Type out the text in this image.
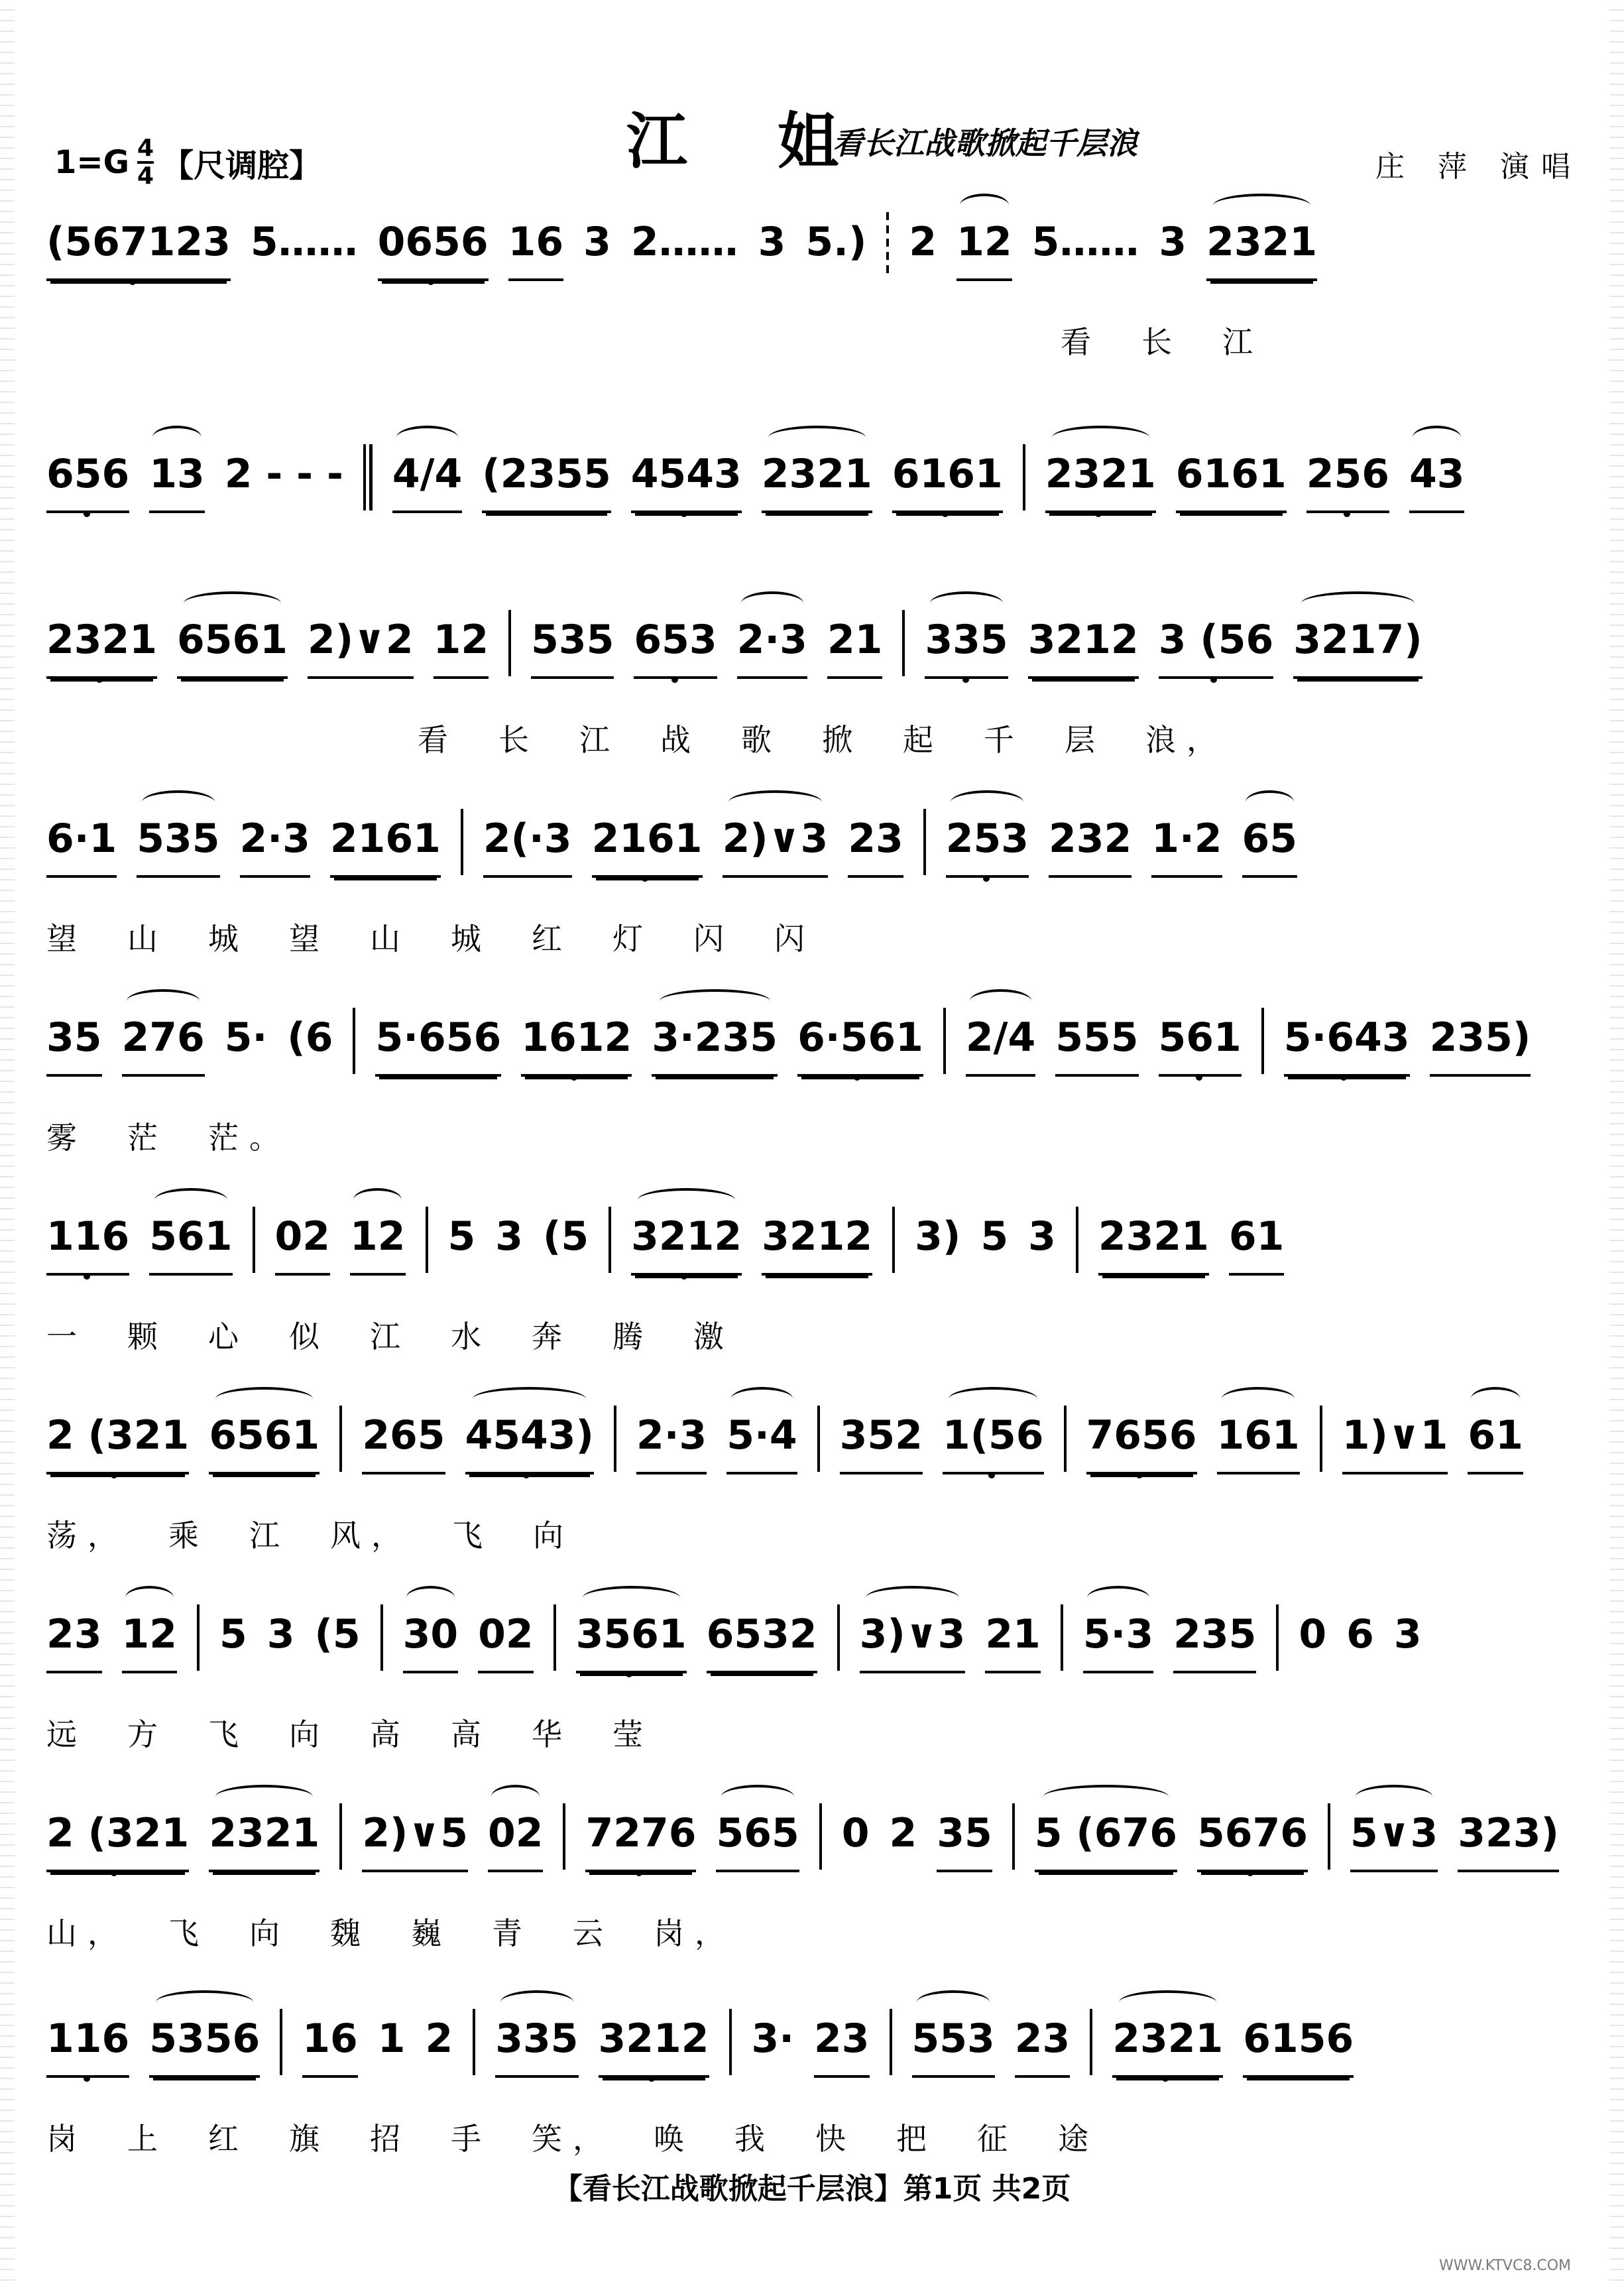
$1=G \frac{4}{4}$ 【尺调腔】	江 姐
看长江战歌掀起千层浪
庄 萍 演唱
(567123 5…… 0656 16 3 2…… 3 5.) 2 12 5…… 3 2321
看 长 江
656 13 2 - - - 4/4 (2355 4543 2321 6161 2321 6161 256 43
2321 6561 2)∨2 12 535 653 2·3 21 335 3212 3 (56 3217)
看 长 江 战 歌 掀 起 千 层 浪，
6·1 535 2·3 2161 2(·3 2161 2)∨3 23 253 232 1·2 65
望 山 城 望 山 城 红 灯 闪 闪
35 276 5· (6 5·656 1612 3·235 6·561 2/4 555 561 5·643 235)
雾 茫 茫。
116 561 02 12 5 3 (5 3212 3212 3) 5 3 2321 61
一 颗 心 似 江 水 奔 腾 激
2 (321 6561 265 4543) 2·3 5·4 352 1(56 7656 161 1)∨1 61
荡， 乘 江 风， 飞 向
23 12 5 3 (5 30 02 3561 6532 3)∨3 21 5·3 235 0 6 3
远 方 飞 向 高 高 华 莹
2 (321 2321 2)∨5 02 7276 565 0 2 35 5 (676 5676 5∨3 323)
山， 飞 向 魏 巍 青 云 岗，
116 5356 16 1 2 335 3212 3· 23 553 23 2321 6156
岗 上 红 旗 招 手 笑， 唤 我 快 把 征 途
【看长江战歌掀起千层浪】第1页 共2页
WWW.KTVC8.COM
